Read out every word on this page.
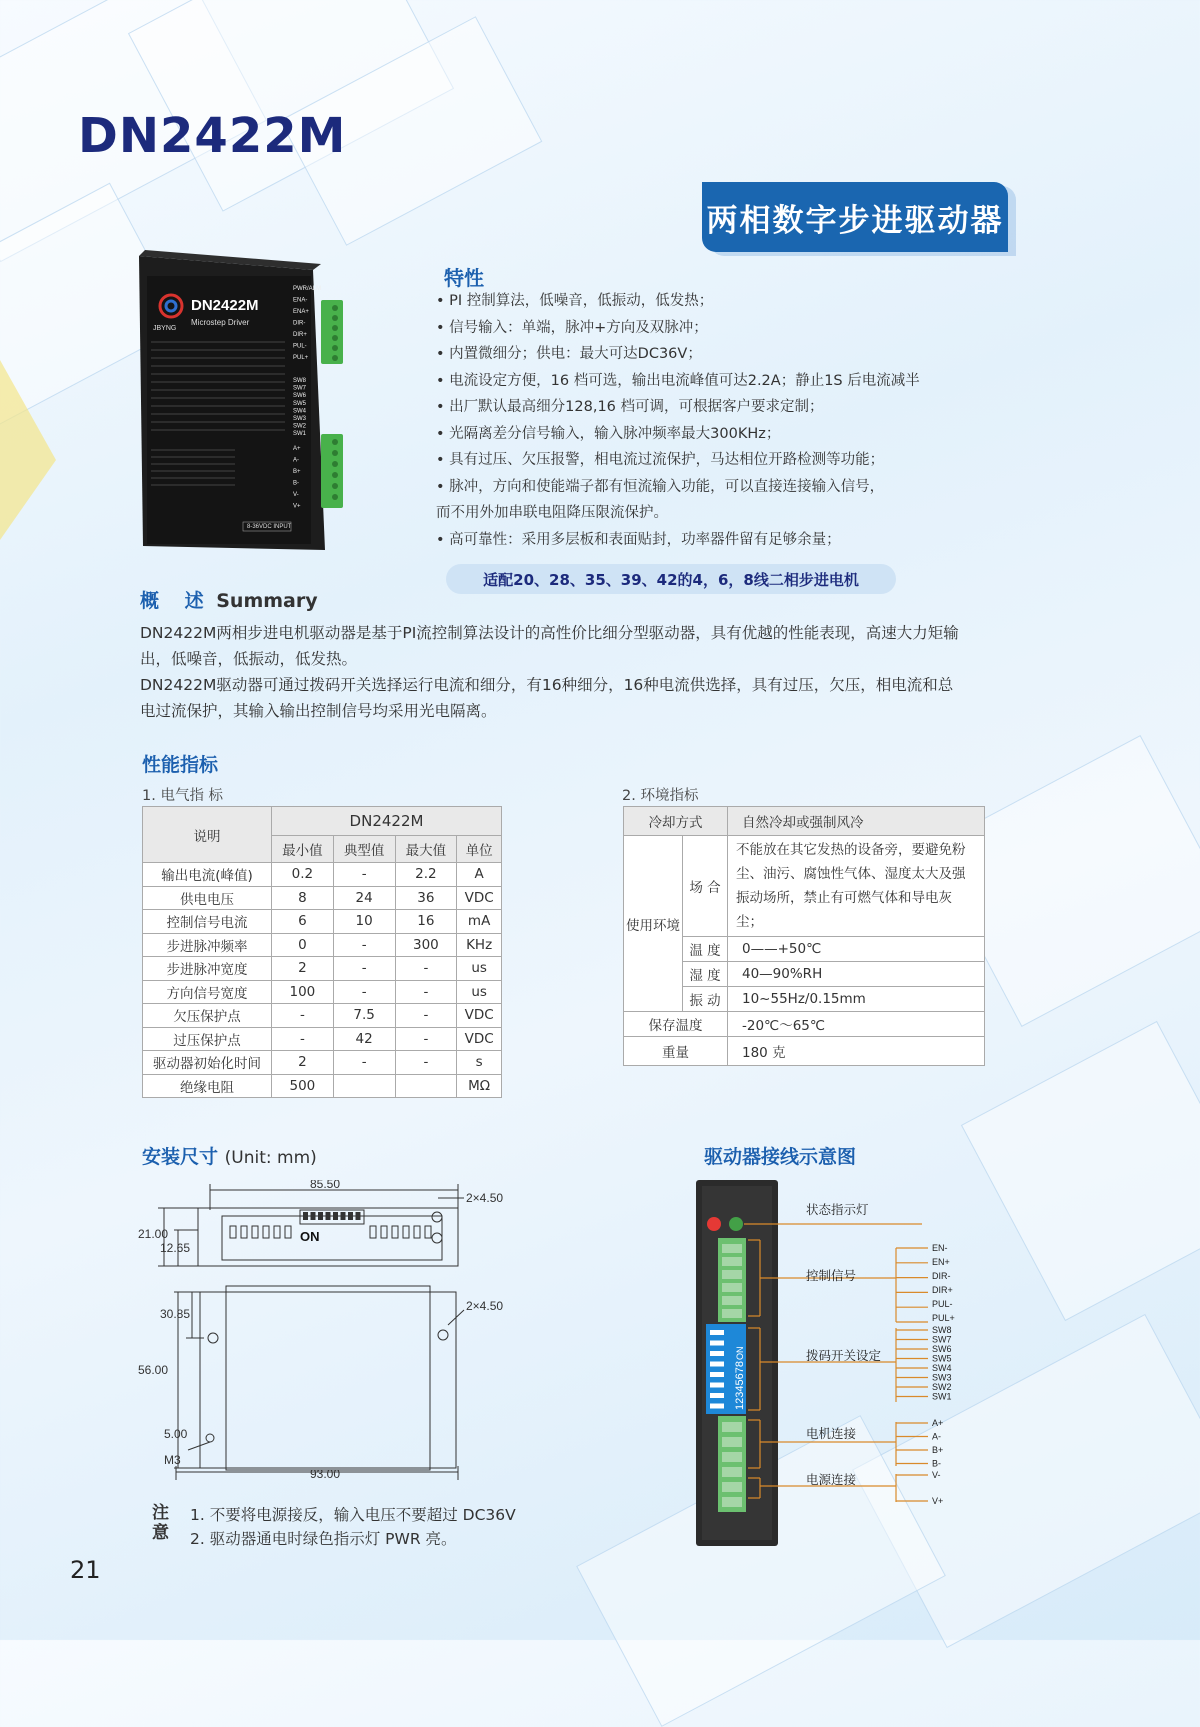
DN2422M
两相数字步进驱动器
JBYNG
DN2422M
Microstep Driver
8-36VDC INPUT
PWR/ALM
ENA-
ENA+
DIR-
DIR+
PUL-
PUL+
SW8
SW7
SW6
SW5
SW4
SW3
SW2
SW1
A+
A-
B+
B-
V-
V+
特性
• PI 控制算法，低噪音，低振动，低发热；
• 信号输入：单端，脉冲+方向及双脉冲；
• 内置微细分；供电：最大可达DC36V；
• 电流设定方便，16 档可选，输出电流峰值可达2.2A；静止1S 后电流减半
• 出厂默认最高细分128,16 档可调，可根据客户要求定制；
• 光隔离差分信号输入，输入脉冲频率最大300KHz；
• 具有过压、欠压报警，相电流过流保护，马达相位开路检测等功能；
• 脉冲，方向和使能端子都有恒流输入功能，可以直接连接输入信号，
而不用外加串联电阻降压限流保护。
• 高可靠性：采用多层板和表面贴封，功率器件留有足够余量；
适配20、28、35、39、42的4，6，8线二相步进电机
概　 述 Summary

DN2422M两相步进电机驱动器是基于PI流控制算法设计的高性价比细分型驱动器，具有优越的性能表现，高速大力矩输出，低噪音，低振动，低发热。

DN2422M驱动器可通过拨码开关选择运行电流和细分，有16种细分，16种电流供选择，具有过压，欠压，相电流和总电过流保护，其输入输出控制信号均采用光电隔离。

性能指标
1. 电气指 标	2. 环境指标
说明	DN2422M			
	最小值	典型值	最大值	单位
输出电流(峰值)	0.2	-	2.2	A
供电电压	8	24	36	VDC
控制信号电流	6	10	16	mA
步进脉冲频率	0	-	300	KHz
步进脉冲宽度	2	-	-	us
方向信号宽度	100	-	-	us
欠压保护点	-	7.5	-	VDC
过压保护点	-	42	-	VDC
驱动器初始化时间	2	-	-	s
绝缘电阻	500			MΩ
冷却方式		自然冷却或强制风冷
使用环境	场 合	不能放在其它发热的设备旁，要避免粉尘、油污、腐蚀性气体、湿度太大及强振动场所，禁止有可燃气体和导电灰尘；
	温 度	0——+50℃
	湿 度	40—90%RH
	振 动	10~55Hz/0.15mm
保存温度		-20℃～65℃
重量		180 克
安装尺寸 (Unit: mm)
85.50
2×4.50
21.00
12.65
30.85
56.00
2×4.50
5.00
M3
93.00
ON
驱动器接线示意图
12345678
ON
状态指示灯
控制信号
拨码开关设定
电机连接
电源连接
EN-
EN+
DIR-
DIR+
PUL-
PUL+
SW8
SW7
SW6
SW5
SW4
SW3
SW2
SW1
A+
A-
B+
B-
V-
V+
注意
1. 不要将电源接反，输入电压不要超过 DC36V
2. 驱动器通电时绿色指示灯 PWR 亮。
21
